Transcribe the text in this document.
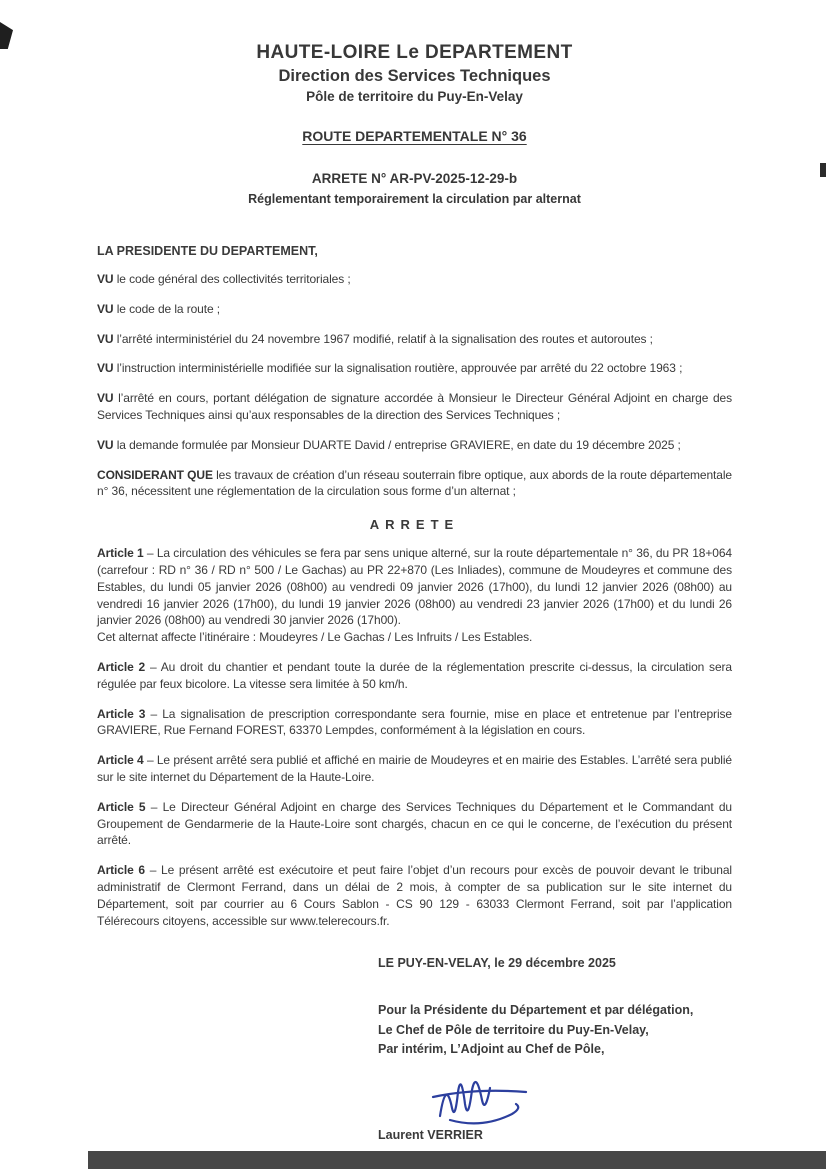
HAUTE-LOIRE Le DEPARTEMENT
Direction des Services Techniques
Pôle de territoire du Puy-En-Velay
ROUTE DEPARTEMENTALE N° 36
ARRETE N° AR-PV-2025-12-29-b
Réglementant temporairement la circulation par alternat
LA PRESIDENTE DU DEPARTEMENT,

VU le code général des collectivités territoriales ;

VU le code de la route ;

VU l’arrêté interministériel du 24 novembre 1967 modifié, relatif à la signalisation des routes et autoroutes ;

VU l’instruction interministérielle modifiée sur la signalisation routière, approuvée par arrêté du 22 octobre 1963 ;

VU l’arrêté en cours, portant délégation de signature accordée à Monsieur le Directeur Général Adjoint en charge des Services Techniques ainsi qu’aux responsables de la direction des Services Techniques ;

VU la demande formulée par Monsieur DUARTE David / entreprise GRAVIERE, en date du 19 décembre 2025 ;

CONSIDERANT QUE les travaux de création d’un réseau souterrain fibre optique, aux abords de la route départementale n° 36, nécessitent une réglementation de la circulation sous forme d’un alternat ;

ARRETE

Article 1 – La circulation des véhicules se fera par sens unique alterné, sur la route départementale n° 36, du PR 18+064 (carrefour : RD n° 36 / RD n° 500 / Le Gachas) au PR 22+870 (Les Inliades), commune de Moudeyres et commune des Estables, du lundi 05 janvier 2026 (08h00) au vendredi 09 janvier 2026 (17h00), du lundi 12 janvier 2026 (08h00) au vendredi 16 janvier 2026 (17h00), du lundi 19 janvier 2026 (08h00) au vendredi 23 janvier 2026 (17h00) et du lundi 26 janvier 2026 (08h00) au vendredi 30 janvier 2026 (17h00).

Cet alternat affecte l’itinéraire : Moudeyres / Le Gachas / Les Infruits / Les Estables.

Article 2 – Au droit du chantier et pendant toute la durée de la réglementation prescrite ci-dessus, la circulation sera régulée par feux bicolore. La vitesse sera limitée à 50 km/h.

Article 3 – La signalisation de prescription correspondante sera fournie, mise en place et entretenue par l’entreprise GRAVIERE, Rue Fernand FOREST, 63370 Lempdes, conformément à la législation en cours.

Article 4 – Le présent arrêté sera publié et affiché en mairie de Moudeyres et en mairie des Estables. L’arrêté sera publié sur le site internet du Département de la Haute-Loire.

Article 5 – Le Directeur Général Adjoint en charge des Services Techniques du Département et le Commandant du Groupement de Gendarmerie de la Haute-Loire sont chargés, chacun en ce qui le concerne, de l’exécution du présent arrêté.

Article 6 – Le présent arrêté est exécutoire et peut faire l’objet d’un recours pour excès de pouvoir devant le tribunal administratif de Clermont Ferrand, dans un délai de 2 mois, à compter de sa publication sur le site internet du Département, soit par courrier au 6 Cours Sablon - CS 90 129 - 63033 Clermont Ferrand, soit par l’application Télérecours citoyens, accessible sur www.telerecours.fr.

LE PUY-EN-VELAY, le 29 décembre 2025
Pour la Présidente du Département et par délégation,
Le Chef de Pôle de territoire du Puy-En-Velay,
Par intérim, L’Adjoint au Chef de Pôle,
Laurent VERRIER
